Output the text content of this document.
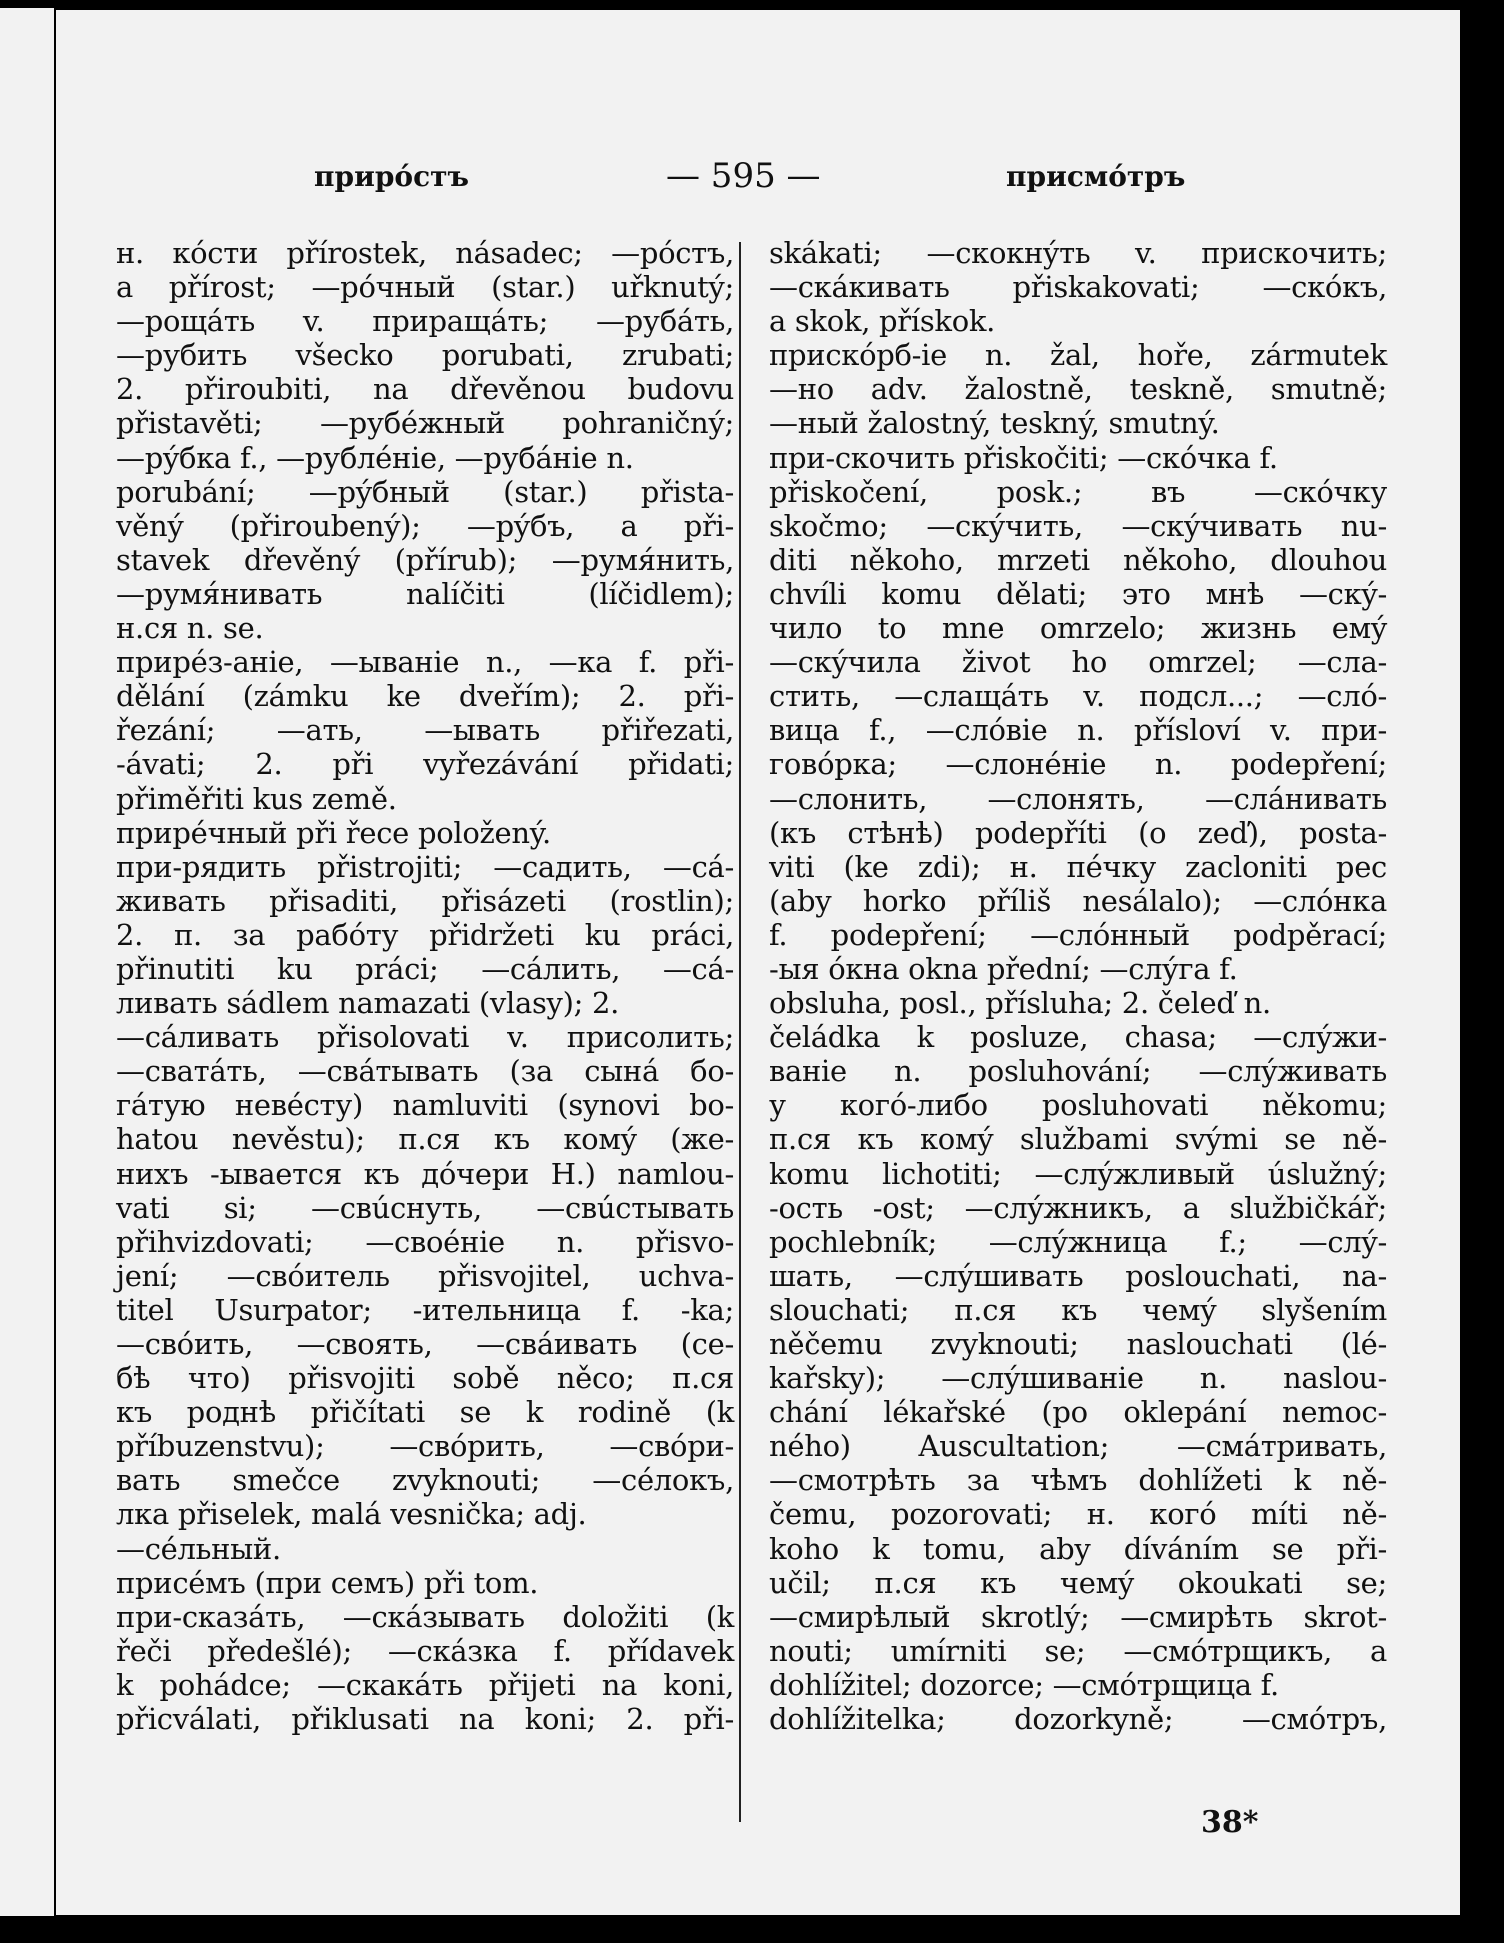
прирóстъ	— 595 —	присмóтръ
н. кóсти přírostek, násadec; —рóстъ,
a přírost; —рóчный (star.) uřknutý;
—рощáть v. приращáть; —рубáть,
—рубить všecko porubati, zrubati;
2. přiroubiti, na dřevěnou budovu
přistavěti; —рубéжный pohraničný;
—рýбка f., —рублéніе, —рубáніе n.
porubání; —рýбный (star.) přista-
věný (přiroubený); —рýбъ, a při-
stavek dřevěný (přírub); —румя́нить,
—румя́нивать nalíčiti (líčidlem);
н.ся n. se.
приpéз-аніе, —ываніе n., —ка f. při-
dělání (zámku ke dveřím); 2. při-
řezání; —ать, —ывать přiřezati,
-ávati; 2. při vyřezávání přidati;
přiměřiti kus země.
приpéчный při řece položený.
при-рядить přistrojiti; —садить, —сá-
живать přisaditi, přisázeti (rostlin);
2. п. за рабóту přidržeti ku práci,
přinutiti ku práci; —сáлить, —сá-
ливать sádlem namazati (vlasy); 2.
—сáливать přisolovati v. присолить;
—сватáть, —свáтывать (за сынá бо-
гáтую невéсту) namluviti (synovi bo-
hatou nevěstu); п.ся къ комý (же-
нихъ -ывается къ дóчери Н.) namlou-
vati si; —свúснуть, —свúстывать
přihvizdovati; —своéніе n. přisvo-
jení; —свóитель přisvojitel, uchva-
titel Usurpator; -ительница f. -ka;
—свóить, —своять, —свáивать (се-
бѣ что) přisvojiti sobě něco; п.ся
къ роднѣ přičítati se k rodině (k
příbuzenstvu); —свóрить, —свóри-
вать smečce zvyknouti; —сéлокъ,
лка přiselek, malá vesnička; adj.
—сéльный.
присéмъ (при семъ) při tom.
при-сказáть, —скáзывать doložiti (k
řeči předešlé); —скáзка f. přídavek
k pohádce; —скакáть přijeti na koni,
přicválati, přiklusati na koni; 2. při-
skákati; —скокнýть v. прискочить;
—скáкивать přiskakovati; —скóкъ,
a skok, přískok.
прискóрб-іе n. žal, hoře, zármutek
—но adv. žalostně, teskně, smutně;
—ный žalostný, teskný, smutný.
при-скочить přiskočiti; —скóчка f.
přiskočení, posk.; въ —скóчку
skočmo; —скýчить, —скýчивать nu-
diti někoho, mrzeti někoho, dlouhou
chvíli komu dělati; это мнѣ —скý-
чило to mne omrzelo; жизнь емý
—скýчила život ho omrzel; —сла-
стить, —слащáть v. подсл...; —слó-
вица f., —слóвіе n. přísloví v. при-
говóрка; —слонéніе n. podepření;
—слонить, —слонять, —слáнивать
(къ стѣнѣ) podepříti (o zeď), posta-
viti (ke zdi); н. пéчку zacloniti pec
(aby horko příliš nesálalo); —слóнка
f. podepření; —слóнный podpěrací;
-ыя óкна okna přední; —слýга f.
obsluha, posl., přísluha; 2. čeleď n.
čeládka k posluze, chasa; —слýжи-
ваніе n. posluhování; —слýживать
у когó-либо posluhovati někomu;
п.ся къ комý službami svými se ně-
komu lichotiti; —слýжливый úslužný;
-ость -ost; —слýжникъ, a službičkář;
pochlebník; —слýжница f.; —слý-
шать, —слýшивать poslouchati, na-
slouchati; п.ся къ чемý slyšením
něčemu zvyknouti; naslouchati (lé-
kařsky); —слýшиваніе n. naslou-
chání lékařské (po oklepání nemoc-
ného) Auscultation; —смáтривать,
—смотрѣть за чѣмъ dohlížeti k ně-
čemu, pozorovati; н. когó míti ně-
koho k tomu, aby díváním se při-
učil; п.ся къ чемý okoukati se;
—смирѣлый skrotlý; —смирѣть skrot-
nouti; umírniti se; —смóтрщикъ, a
dohlížitel; dozorce; —смóтрщица f.
dohlížitelka; dozorkyně; —смóтръ,
38*
